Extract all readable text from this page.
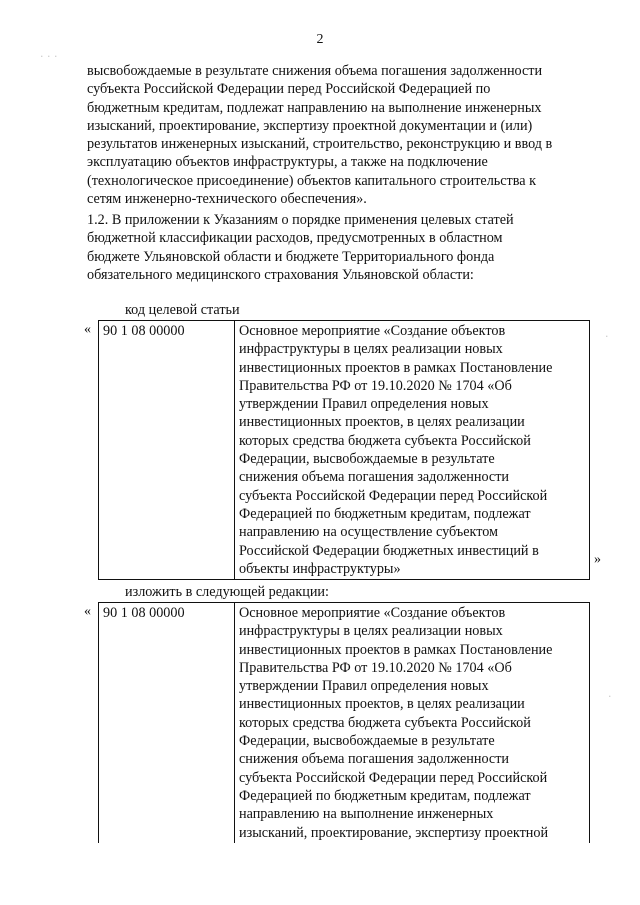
· · ·
·
·
2

высвобождаемые в результате снижения объема погашения задолженности
субъекта Российской Федерации перед Российской Федерацией по
бюджетным кредитам, подлежат направлению на выполнение инженерных
изысканий, проектирование, экспертизу проектной документации и (или)
результатов инженерных изысканий, строительство, реконструкцию и ввод в
эксплуатацию объектов инфраструктуры, а также на подключение
(технологическое присоединение) объектов капитального строительства к
сетям инженерно-технического обеспечения».

1.2. В приложении к Указаниям о порядке применения целевых статей
бюджетной классификации расходов, предусмотренных в областном
бюджете Ульяновской области и бюджете Территориального фонда
обязательного медицинского страхования Ульяновской области:

код целевой статьи
« 90 1 08 00000	Основное мероприятие «Создание объектов
инфраструктуры в целях реализации новых
инвестиционных проектов в рамках Постановление
Правительства РФ от 19.10.2020 № 1704 «Об
утверждении Правил определения новых
инвестиционных проектов, в целях реализации
которых средства бюджета субъекта Российской
Федерации, высвобождаемые в результате
снижения объема погашения задолженности
субъекта Российской Федерации перед Российской
Федерацией по бюджетным кредитам, подлежат
направлению на осуществление субъектом
Российской Федерации бюджетных инвестиций в
объекты инфраструктуры»
»
изложить в следующей редакции:
« 90 1 08 00000	Основное мероприятие «Создание объектов
инфраструктуры в целях реализации новых
инвестиционных проектов в рамках Постановление
Правительства РФ от 19.10.2020 № 1704 «Об
утверждении Правил определения новых
инвестиционных проектов, в целях реализации
которых средства бюджета субъекта Российской
Федерации, высвобождаемые в результате
снижения объема погашения задолженности
субъекта Российской Федерации перед Российской
Федерацией по бюджетным кредитам, подлежат
направлению на выполнение инженерных
изысканий, проектирование, экспертизу проектной
